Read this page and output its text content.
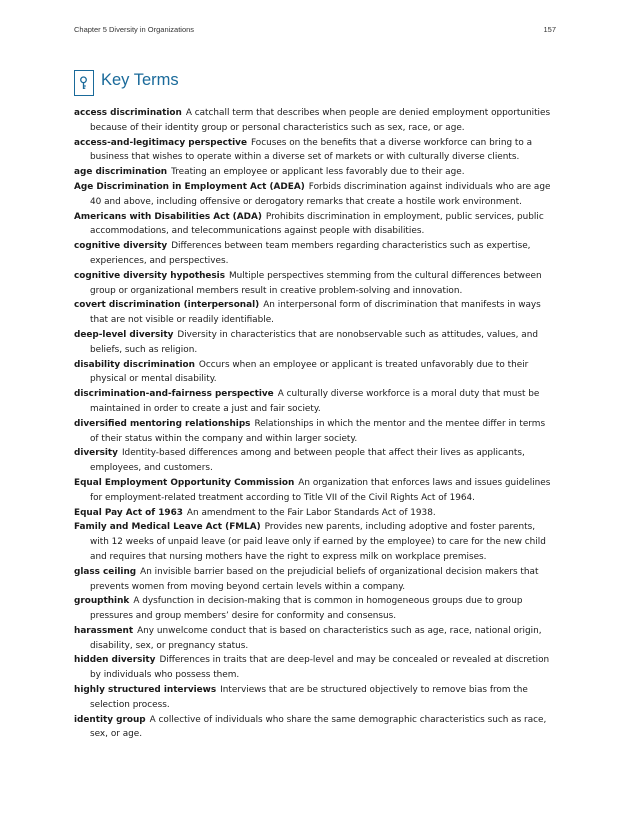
Chapter 5 Diversity in Organizations	157
Key Terms

access discrimination A catchall term that describes when people are denied employment opportunities because of their identity group or personal characteristics such as sex, race, or age.

access-and-legitimacy perspective Focuses on the benefits that a diverse workforce can bring to a business that wishes to operate within a diverse set of markets or with culturally diverse clients.

age discrimination Treating an employee or applicant less favorably due to their age.

Age Discrimination in Employment Act (ADEA) Forbids discrimination against individuals who are age 40 and above, including offensive or derogatory remarks that create a hostile work environment.

Americans with Disabilities Act (ADA) Prohibits discrimination in employment, public services, public accommodations, and telecommunications against people with disabilities.

cognitive diversity Differences between team members regarding characteristics such as expertise, experiences, and perspectives.

cognitive diversity hypothesis Multiple perspectives stemming from the cultural differences between group or organizational members result in creative problem-solving and innovation.

covert discrimination (interpersonal) An interpersonal form of discrimination that manifests in ways that are not visible or readily identifiable.

deep-level diversity Diversity in characteristics that are nonobservable such as attitudes, values, and beliefs, such as religion.

disability discrimination Occurs when an employee or applicant is treated unfavorably due to their physical or mental disability.

discrimination-and-fairness perspective A culturally diverse workforce is a moral duty that must be maintained in order to create a just and fair society.

diversified mentoring relationships Relationships in which the mentor and the mentee differ in terms of their status within the company and within larger society.

diversity Identity-based differences among and between people that affect their lives as applicants, employees, and customers.

Equal Employment Opportunity Commission An organization that enforces laws and issues guidelines for employment-related treatment according to Title VII of the Civil Rights Act of 1964.

Equal Pay Act of 1963 An amendment to the Fair Labor Standards Act of 1938.

Family and Medical Leave Act (FMLA) Provides new parents, including adoptive and foster parents, with 12 weeks of unpaid leave (or paid leave only if earned by the employee) to care for the new child and requires that nursing mothers have the right to express milk on workplace premises.

glass ceiling An invisible barrier based on the prejudicial beliefs of organizational decision makers that prevents women from moving beyond certain levels within a company.

groupthink A dysfunction in decision-making that is common in homogeneous groups due to group pressures and group members’ desire for conformity and consensus.

harassment Any unwelcome conduct that is based on characteristics such as age, race, national origin, disability, sex, or pregnancy status.

hidden diversity Differences in traits that are deep-level and may be concealed or revealed at discretion by individuals who possess them.

highly structured interviews Interviews that are be structured objectively to remove bias from the selection process.

identity group A collective of individuals who share the same demographic characteristics such as race, sex, or age.
